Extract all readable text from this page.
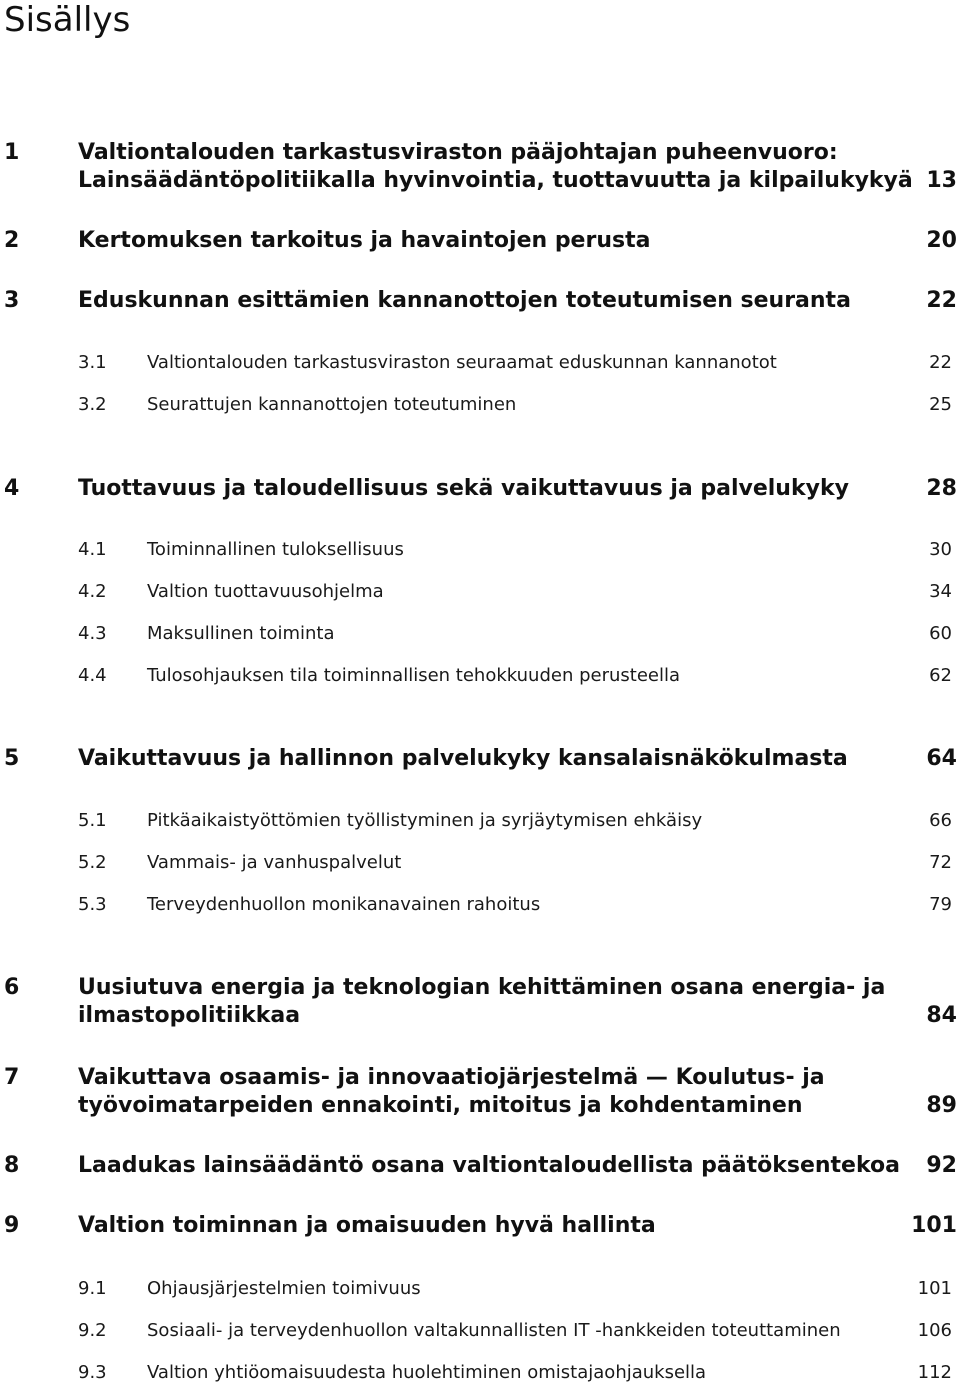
Sisällys
1	Valtiontalouden tarkastusviraston pääjohtajan puheenvuoro:
Lainsäädäntöpolitiikalla hyvinvointia, tuottavuutta ja kilpailukykyä 13
2	Kertomuksen tarkoitus ja havaintojen perusta	20
3	Eduskunnan esittämien kannanottojen toteutumisen seuranta	22
3.1 Valtiontalouden tarkastusviraston seuraamat eduskunnan kannanotot	22
3.2 Seurattujen kannanottojen toteutuminen	25
4	Tuottavuus ja taloudellisuus sekä vaikuttavuus ja palvelukyky	28
4.1 Toiminnallinen tuloksellisuus	30
4.2 Valtion tuottavuusohjelma	34
4.3 Maksullinen toiminta	60
4.4 Tulosohjauksen tila toiminnallisen tehokkuuden perusteella	62
5	Vaikuttavuus ja hallinnon palvelukyky kansalaisnäkökulmasta	64
5.1 Pitkäaikaistyöttömien työllistyminen ja syrjäytymisen ehkäisy	66
5.2 Vammais- ja vanhuspalvelut	72
5.3 Terveydenhuollon monikanavainen rahoitus	79
6	Uusiutuva energia ja teknologian kehittäminen osana energia- ja
ilmastopolitiikkaa	84
7	Vaikuttava osaamis- ja innovaatiojärjestelmä — Koulutus- ja
työvoimatarpeiden ennakointi, mitoitus ja kohdentaminen	89
8	Laadukas lainsäädäntö osana valtiontaloudellista päätöksentekoa 92
9	Valtion toiminnan ja omaisuuden hyvä hallinta	101
9.1 Ohjausjärjestelmien toimivuus	101
9.2 Sosiaali- ja terveydenhuollon valtakunnallisten IT -hankkeiden toteuttaminen	106
9.3 Valtion yhtiöomaisuudesta huolehtiminen omistajaohjauksella	112
